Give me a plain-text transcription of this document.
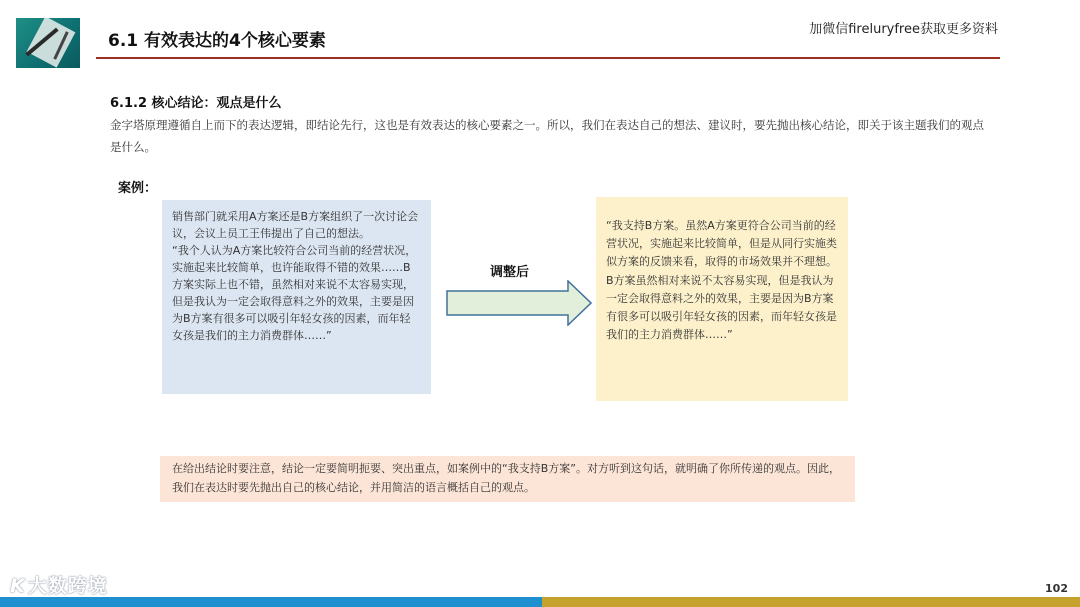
6.1 有效表达的4个核心要素
加微信fireluryfree获取更多资料
6.1.2 核心结论：观点是什么
金字塔原理遵循自上而下的表达逻辑，即结论先行，这也是有效表达的核心要素之一。所以，我们在表达自己的想法、建议时，要先抛出核心结论，即关于该主题我们的观点是什么。
案例：

销售部门就采用A方案还是B方案组织了一次讨论会议，会议上员工王伟提出了自己的想法。

“我个人认为A方案比较符合公司当前的经营状况，实施起来比较简单，也许能取得不错的效果……B方案实际上也不错，虽然相对来说不太容易实现，但是我认为一定会取得意料之外的效果，主要是因为B方案有很多可以吸引年轻女孩的因素，而年轻女孩是我们的主力消费群体……”

调整后

“我支持B方案。虽然A方案更符合公司当前的经营状况，实施起来比较简单，但是从同行实施类似方案的反馈来看，取得的市场效果并不理想。B方案虽然相对来说不太容易实现，但是我认为一定会取得意料之外的效果，主要是因为B方案有很多可以吸引年轻女孩的因素，而年轻女孩是我们的主力消费群体……”

在给出结论时要注意，结论一定要简明扼要、突出重点，如案例中的“我支持B方案”。对方听到这句话，就明确了你所传递的观点。因此，我们在表达时要先抛出自己的核心结论，并用简洁的语言概括自己的观点。
K 大数跨境	102
